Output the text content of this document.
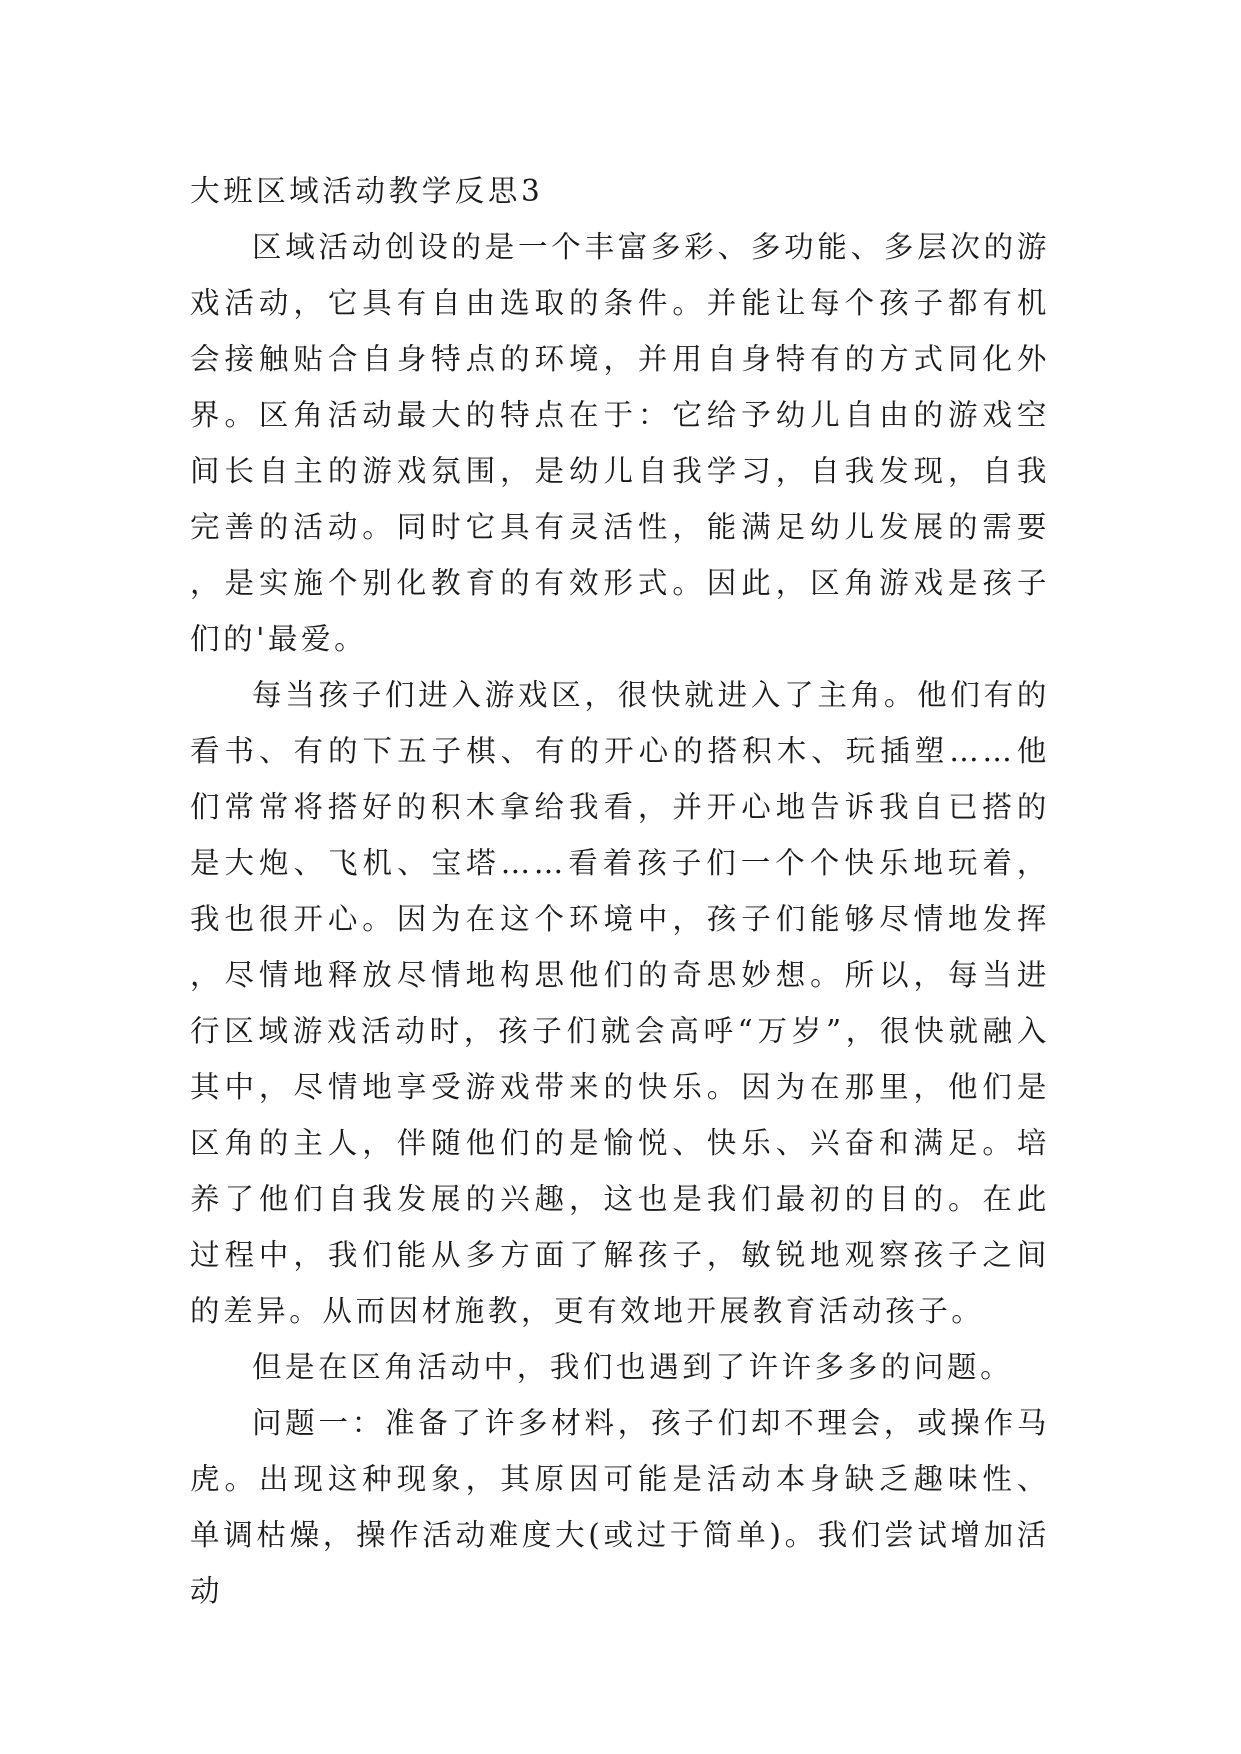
大班区域活动教学反思3

区域活动创设的是一个丰富多彩、多功能、多层次的游戏活动，它具有自由选取的条件。并能让每个孩子都有机会接触贴合自身特点的环境，并用自身特有的方式同化外界。区角活动最大的特点在于：它给予幼儿自由的游戏空间长自主的游戏氛围，是幼儿自我学习，自我发现，自我完善的活动。同时它具有灵活性，能满足幼儿发展的需要，是实施个别化教育的有效形式。因此，区角游戏是孩子们的'最爱。

每当孩子们进入游戏区，很快就进入了主角。他们有的看书、有的下五子棋、有的开心的搭积木、玩插塑……他们常常将搭好的积木拿给我看，并开心地告诉我自已搭的是大炮、飞机、宝塔……看着孩子们一个个快乐地玩着，我也很开心。因为在这个环境中，孩子们能够尽情地发挥，尽情地释放尽情地构思他们的奇思妙想。所以，每当进行区域游戏活动时，孩子们就会高呼“万岁”，很快就融入其中，尽情地享受游戏带来的快乐。因为在那里，他们是区角的主人，伴随他们的是愉悦、快乐、兴奋和满足。培养了他们自我发展的兴趣，这也是我们最初的目的。在此过程中，我们能从多方面了解孩子，敏锐地观察孩子之间的差异。从而因材施教，更有效地开展教育活动孩子。

但是在区角活动中，我们也遇到了许许多多的问题。

问题一：准备了许多材料，孩子们却不理会，或操作马虎。出现这种现象，其原因可能是活动本身缺乏趣味性、单调枯燥，操作活动难度大(或过于简单)。我们尝试增加活动
